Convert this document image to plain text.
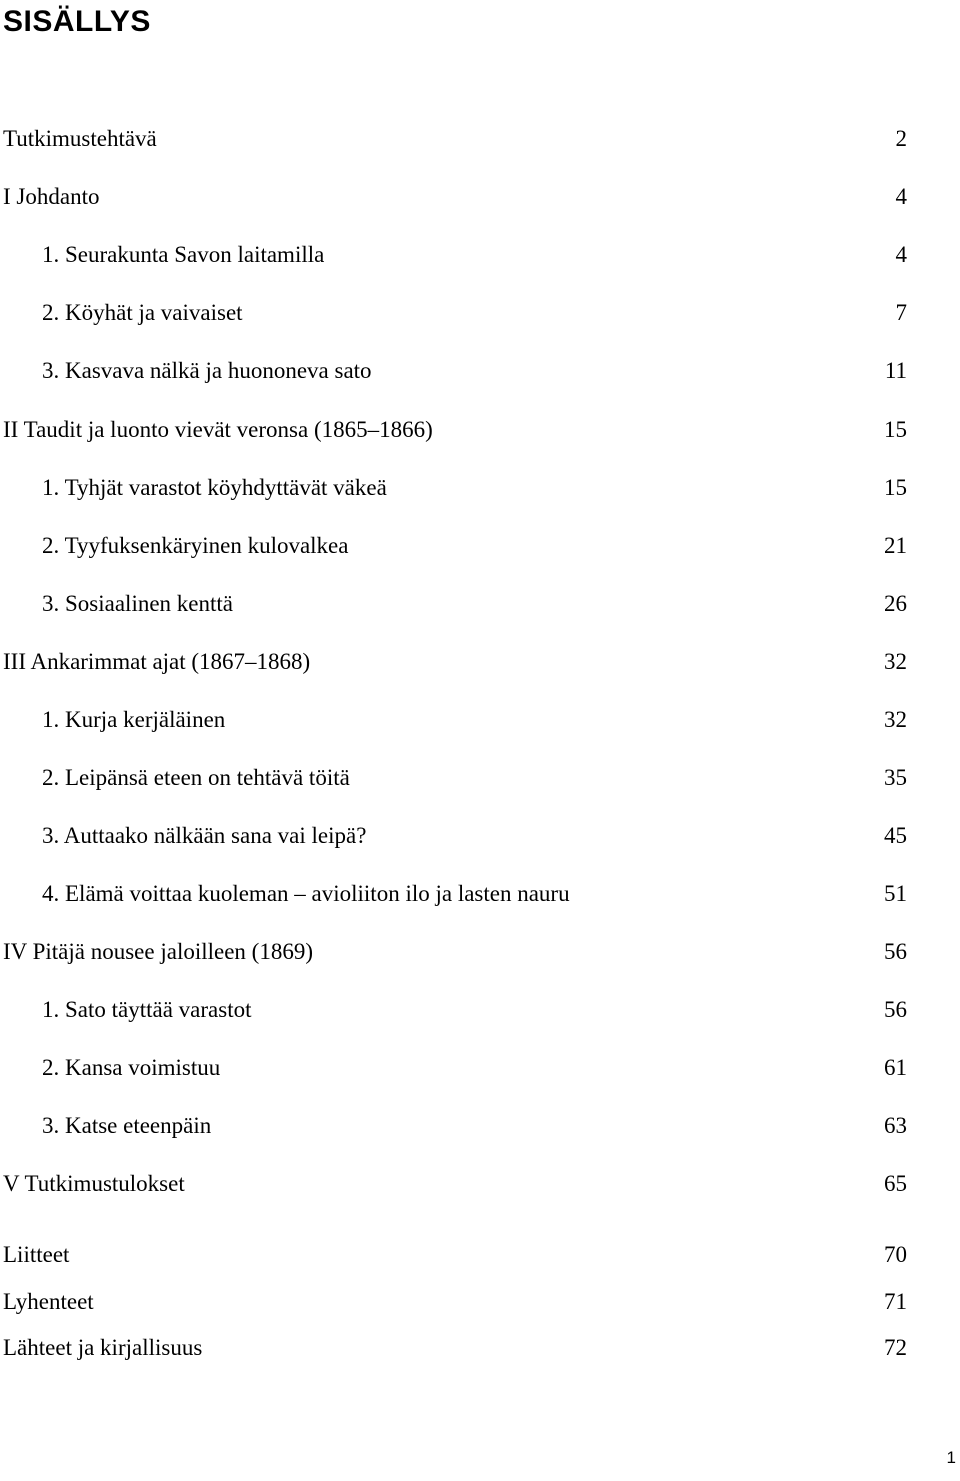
SISÄLLYS
Tutkimustehtävä	2
I Johdanto	4
1. Seurakunta Savon laitamilla	4
2. Köyhät ja vaivaiset	7
3. Kasvava nälkä ja huononeva sato	11
II Taudit ja luonto vievät veronsa (1865–1866)	15
1. Tyhjät varastot köyhdyttävät väkeä	15
2. Tyyfuksenkäryinen kulovalkea	21
3. Sosiaalinen kenttä	26
III Ankarimmat ajat (1867–1868)	32
1. Kurja kerjäläinen	32
2. Leipänsä eteen on tehtävä töitä	35
3. Auttaako nälkään sana vai leipä?	45
4. Elämä voittaa kuoleman – avioliiton ilo ja lasten nauru	51
IV Pitäjä nousee jaloilleen (1869)	56
1. Sato täyttää varastot	56
2. Kansa voimistuu	61
3. Katse eteenpäin	63
V Tutkimustulokset	65
Liitteet	70
Lyhenteet	71
Lähteet ja kirjallisuus	72
1
